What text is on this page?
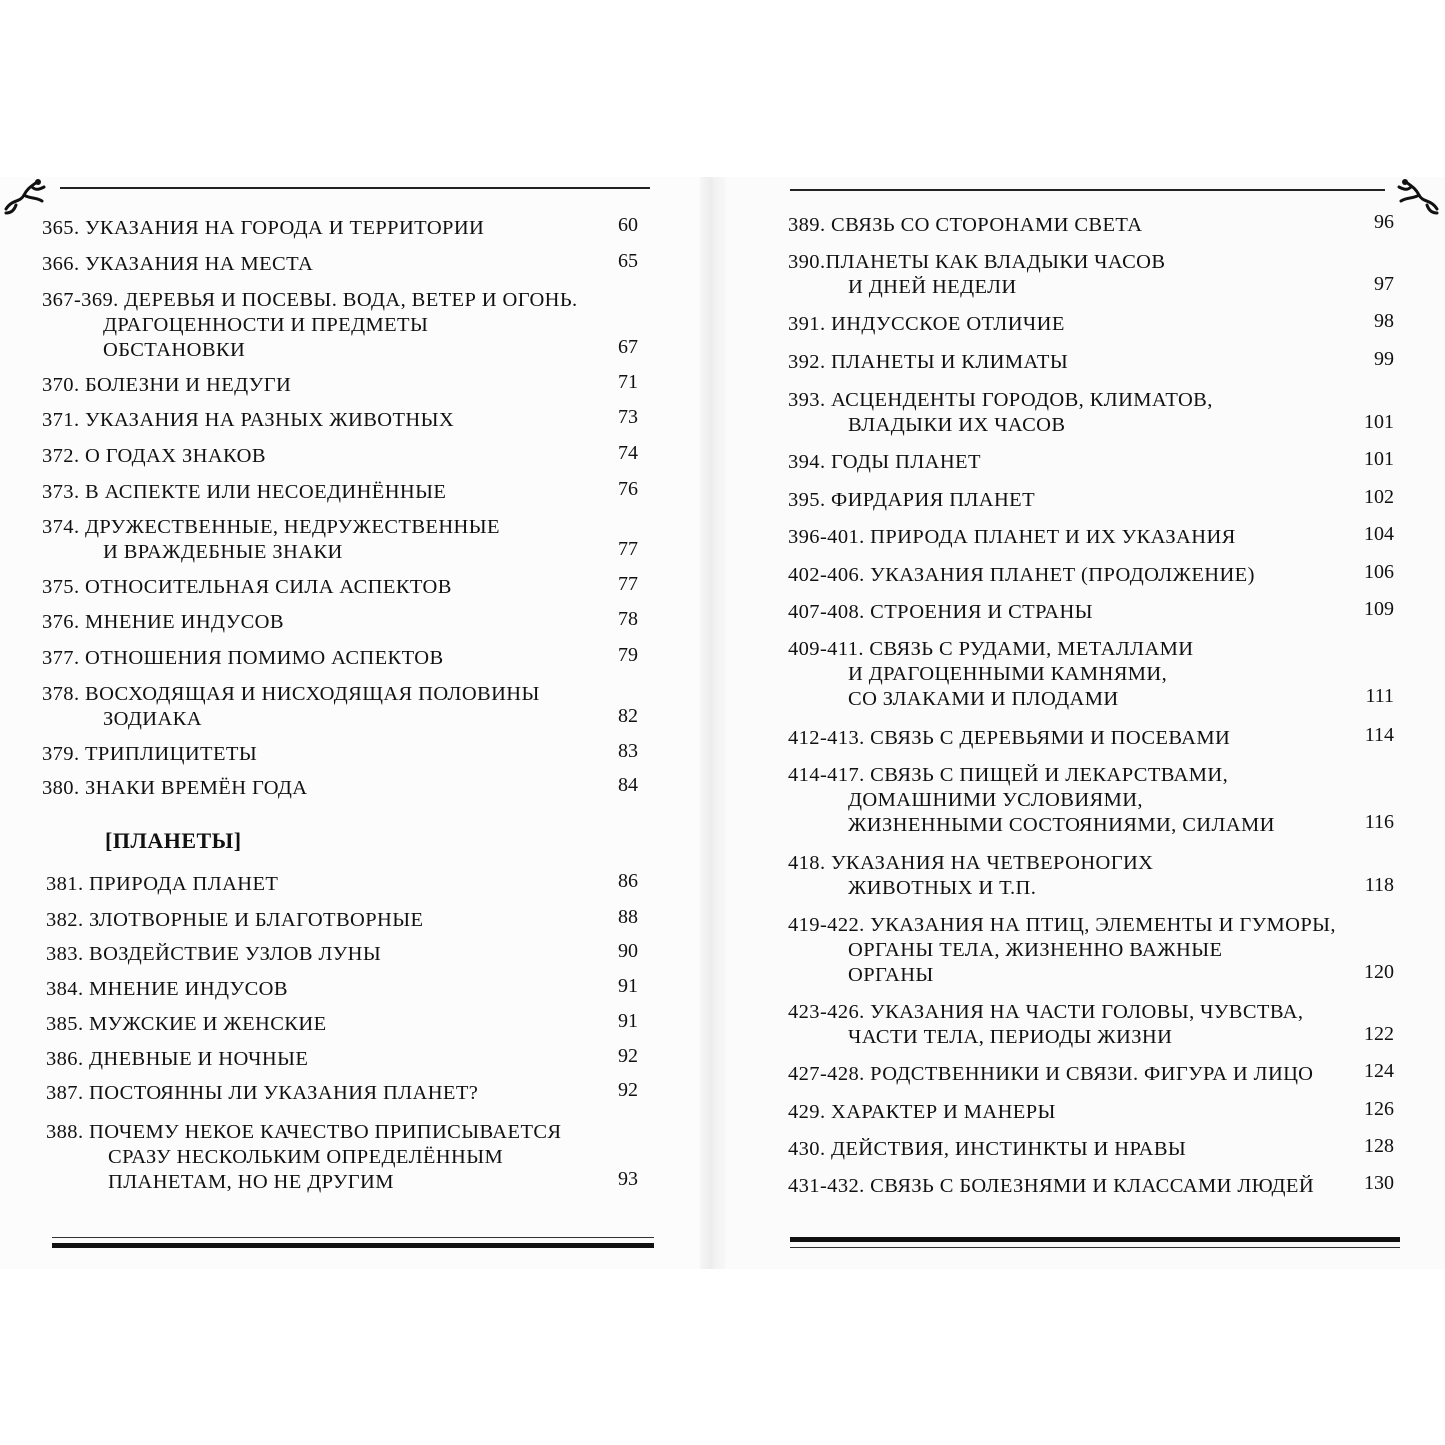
365. УКАЗАНИЯ НА ГОРОДА И ТЕРРИТОРИИ	60
366. УКАЗАНИЯ НА МЕСТА	65
367-369. ДЕРЕВЬЯ И ПОСЕВЫ. ВОДА, ВЕТЕР И ОГОНЬ.
ДРАГОЦЕННОСТИ И ПРЕДМЕТЫ
ОБСТАНОВКИ	67
370. БОЛЕЗНИ И НЕДУГИ	71
371. УКАЗАНИЯ НА РАЗНЫХ ЖИВОТНЫХ	73
372. О ГОДАХ ЗНАКОВ	74
373. В АСПЕКТЕ ИЛИ НЕСОЕДИНЁННЫЕ	76
374. ДРУЖЕСТВЕННЫЕ, НЕДРУЖЕСТВЕННЫЕ
И ВРАЖДЕБНЫЕ ЗНАКИ	77
375. ОТНОСИТЕЛЬНАЯ СИЛА АСПЕКТОВ	77
376. МНЕНИЕ ИНДУСОВ	78
377. ОТНОШЕНИЯ ПОМИМО АСПЕКТОВ	79
378. ВОСХОДЯЩАЯ И НИСХОДЯЩАЯ ПОЛОВИНЫ
ЗОДИАКА	82
379. ТРИПЛИЦИТЕТЫ	83
380. ЗНАКИ ВРЕМЁН ГОДА	84
[ПЛАНЕТЫ]
381. ПРИРОДА ПЛАНЕТ	86
382. ЗЛОТВОРНЫЕ И БЛАГОТВОРНЫЕ	88
383. ВОЗДЕЙСТВИЕ УЗЛОВ ЛУНЫ	90
384. МНЕНИЕ ИНДУСОВ	91
385. МУЖСКИЕ И ЖЕНСКИЕ	91
386. ДНЕВНЫЕ И НОЧНЫЕ	92
387. ПОСТОЯННЫ ЛИ УКАЗАНИЯ ПЛАНЕТ?	92
388. ПОЧЕМУ НЕКОЕ КАЧЕСТВО ПРИПИСЫВАЕТСЯ
СРАЗУ НЕСКОЛЬКИМ ОПРЕДЕЛЁННЫМ
ПЛАНЕТАМ, НО НЕ ДРУГИМ	93
389. СВЯЗЬ СО СТОРОНАМИ СВЕТА	96
390.ПЛАНЕТЫ КАК ВЛАДЫКИ ЧАСОВ
И ДНЕЙ НЕДЕЛИ	97
391. ИНДУССКОЕ ОТЛИЧИЕ	98
392. ПЛАНЕТЫ И КЛИМАТЫ	99
393. АСЦЕНДЕНТЫ ГОРОДОВ, КЛИМАТОВ,
ВЛАДЫКИ ИХ ЧАСОВ	101
394. ГОДЫ ПЛАНЕТ	101
395. ФИРДАРИЯ ПЛАНЕТ	102
396-401. ПРИРОДА ПЛАНЕТ И ИХ УКАЗАНИЯ	104
402-406. УКАЗАНИЯ ПЛАНЕТ (ПРОДОЛЖЕНИЕ)	106
407-408. СТРОЕНИЯ И СТРАНЫ	109
409-411. СВЯЗЬ С РУДАМИ, МЕТАЛЛАМИ
И ДРАГОЦЕННЫМИ КАМНЯМИ,
СО ЗЛАКАМИ И ПЛОДАМИ	111
412-413. СВЯЗЬ С ДЕРЕВЬЯМИ И ПОСЕВАМИ	114
414-417. СВЯЗЬ С ПИЩЕЙ И ЛЕКАРСТВАМИ,
ДОМАШНИМИ УСЛОВИЯМИ,
ЖИЗНЕННЫМИ СОСТОЯНИЯМИ, СИЛАМИ	116
418. УКАЗАНИЯ НА ЧЕТВЕРОНОГИХ
ЖИВОТНЫХ И Т.П.	118
419-422. УКАЗАНИЯ НА ПТИЦ, ЭЛЕМЕНТЫ И ГУМОРЫ,
ОРГАНЫ ТЕЛА, ЖИЗНЕННО ВАЖНЫЕ
ОРГАНЫ	120
423-426. УКАЗАНИЯ НА ЧАСТИ ГОЛОВЫ, ЧУВСТВА,
ЧАСТИ ТЕЛА, ПЕРИОДЫ ЖИЗНИ	122
427-428. РОДСТВЕННИКИ И СВЯЗИ. ФИГУРА И ЛИЦО	124
429. ХАРАКТЕР И МАНЕРЫ	126
430. ДЕЙСТВИЯ, ИНСТИНКТЫ И НРАВЫ	128
431-432. СВЯЗЬ С БОЛЕЗНЯМИ И КЛАССАМИ ЛЮДЕЙ	130
